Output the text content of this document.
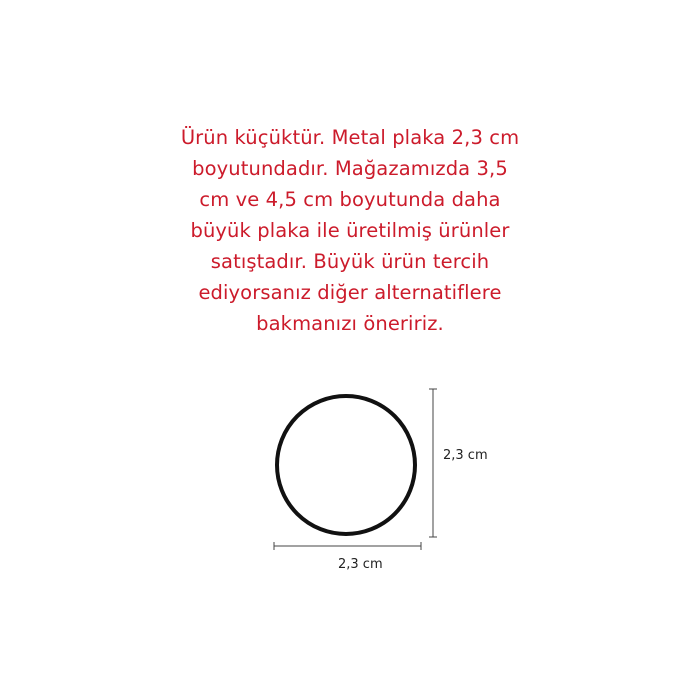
Ürün küçüktür. Metal plaka 2,3 cm
boyutundadır. Mağazamızda 3,5
cm ve 4,5 cm boyutunda daha
büyük plaka ile üretilmiş ürünler
satıştadır. Büyük ürün tercih
ediyorsanız diğer alternatiflere
bakmanızı öneririz.
2,3 cm
2,3 cm
